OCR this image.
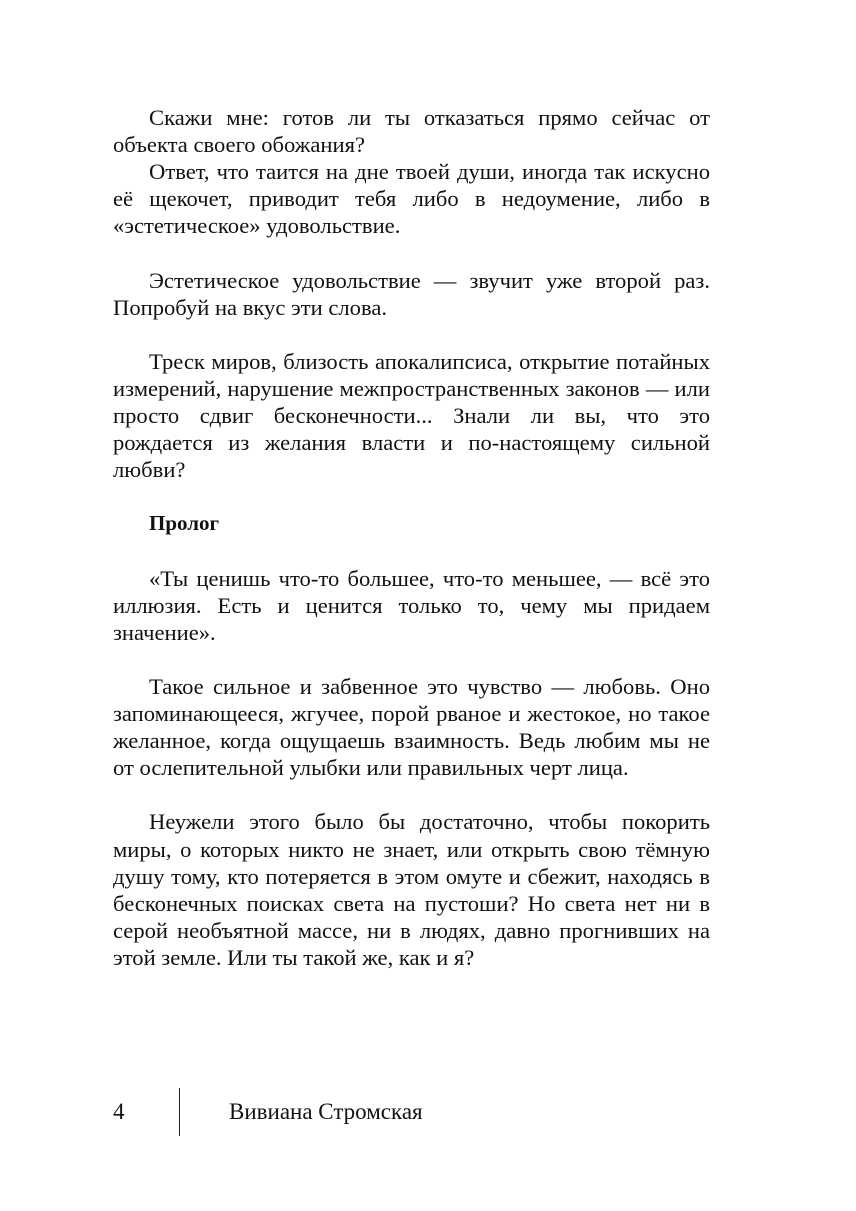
Скажи мне: готов ли ты отказаться прямо сейчас от объекта своего обожания?

Ответ, что таится на дне твоей души, иногда так искусно её щекочет, приводит тебя либо в недоумение, либо в «эстетическое» удовольствие.

Эстетическое удовольствие — звучит уже второй раз. Попробуй на вкус эти слова.

Треск миров, близость апокалипсиса, открытие потайных измерений, нарушение межпространственных законов — или просто сдвиг бесконечности... Знали ли вы, что это рождается из желания власти и по-настоящему сильной любви?

Пролог

«Ты ценишь что-то большее, что-то меньшее, — всё это иллюзия. Есть и ценится только то, чему мы придаем значение».

Такое сильное и забвенное это чувство — любовь. Оно запоминающееся, жгучее, порой рваное и жестокое, но такое желанное, когда ощущаешь взаимность. Ведь любим мы не от ослепительной улыбки или правильных черт лица.

Неужели этого было бы достаточно, чтобы покорить миры, о которых никто не знает, или открыть свою тёмную душу тому, кто потеряется в этом омуте и сбежит, находясь в бесконечных поисках света на пустоши? Но света нет ни в серой необъятной массе, ни в людях, давно прогнивших на этой земле. Или ты такой же, как и я?

4	Вивиана Стромская
